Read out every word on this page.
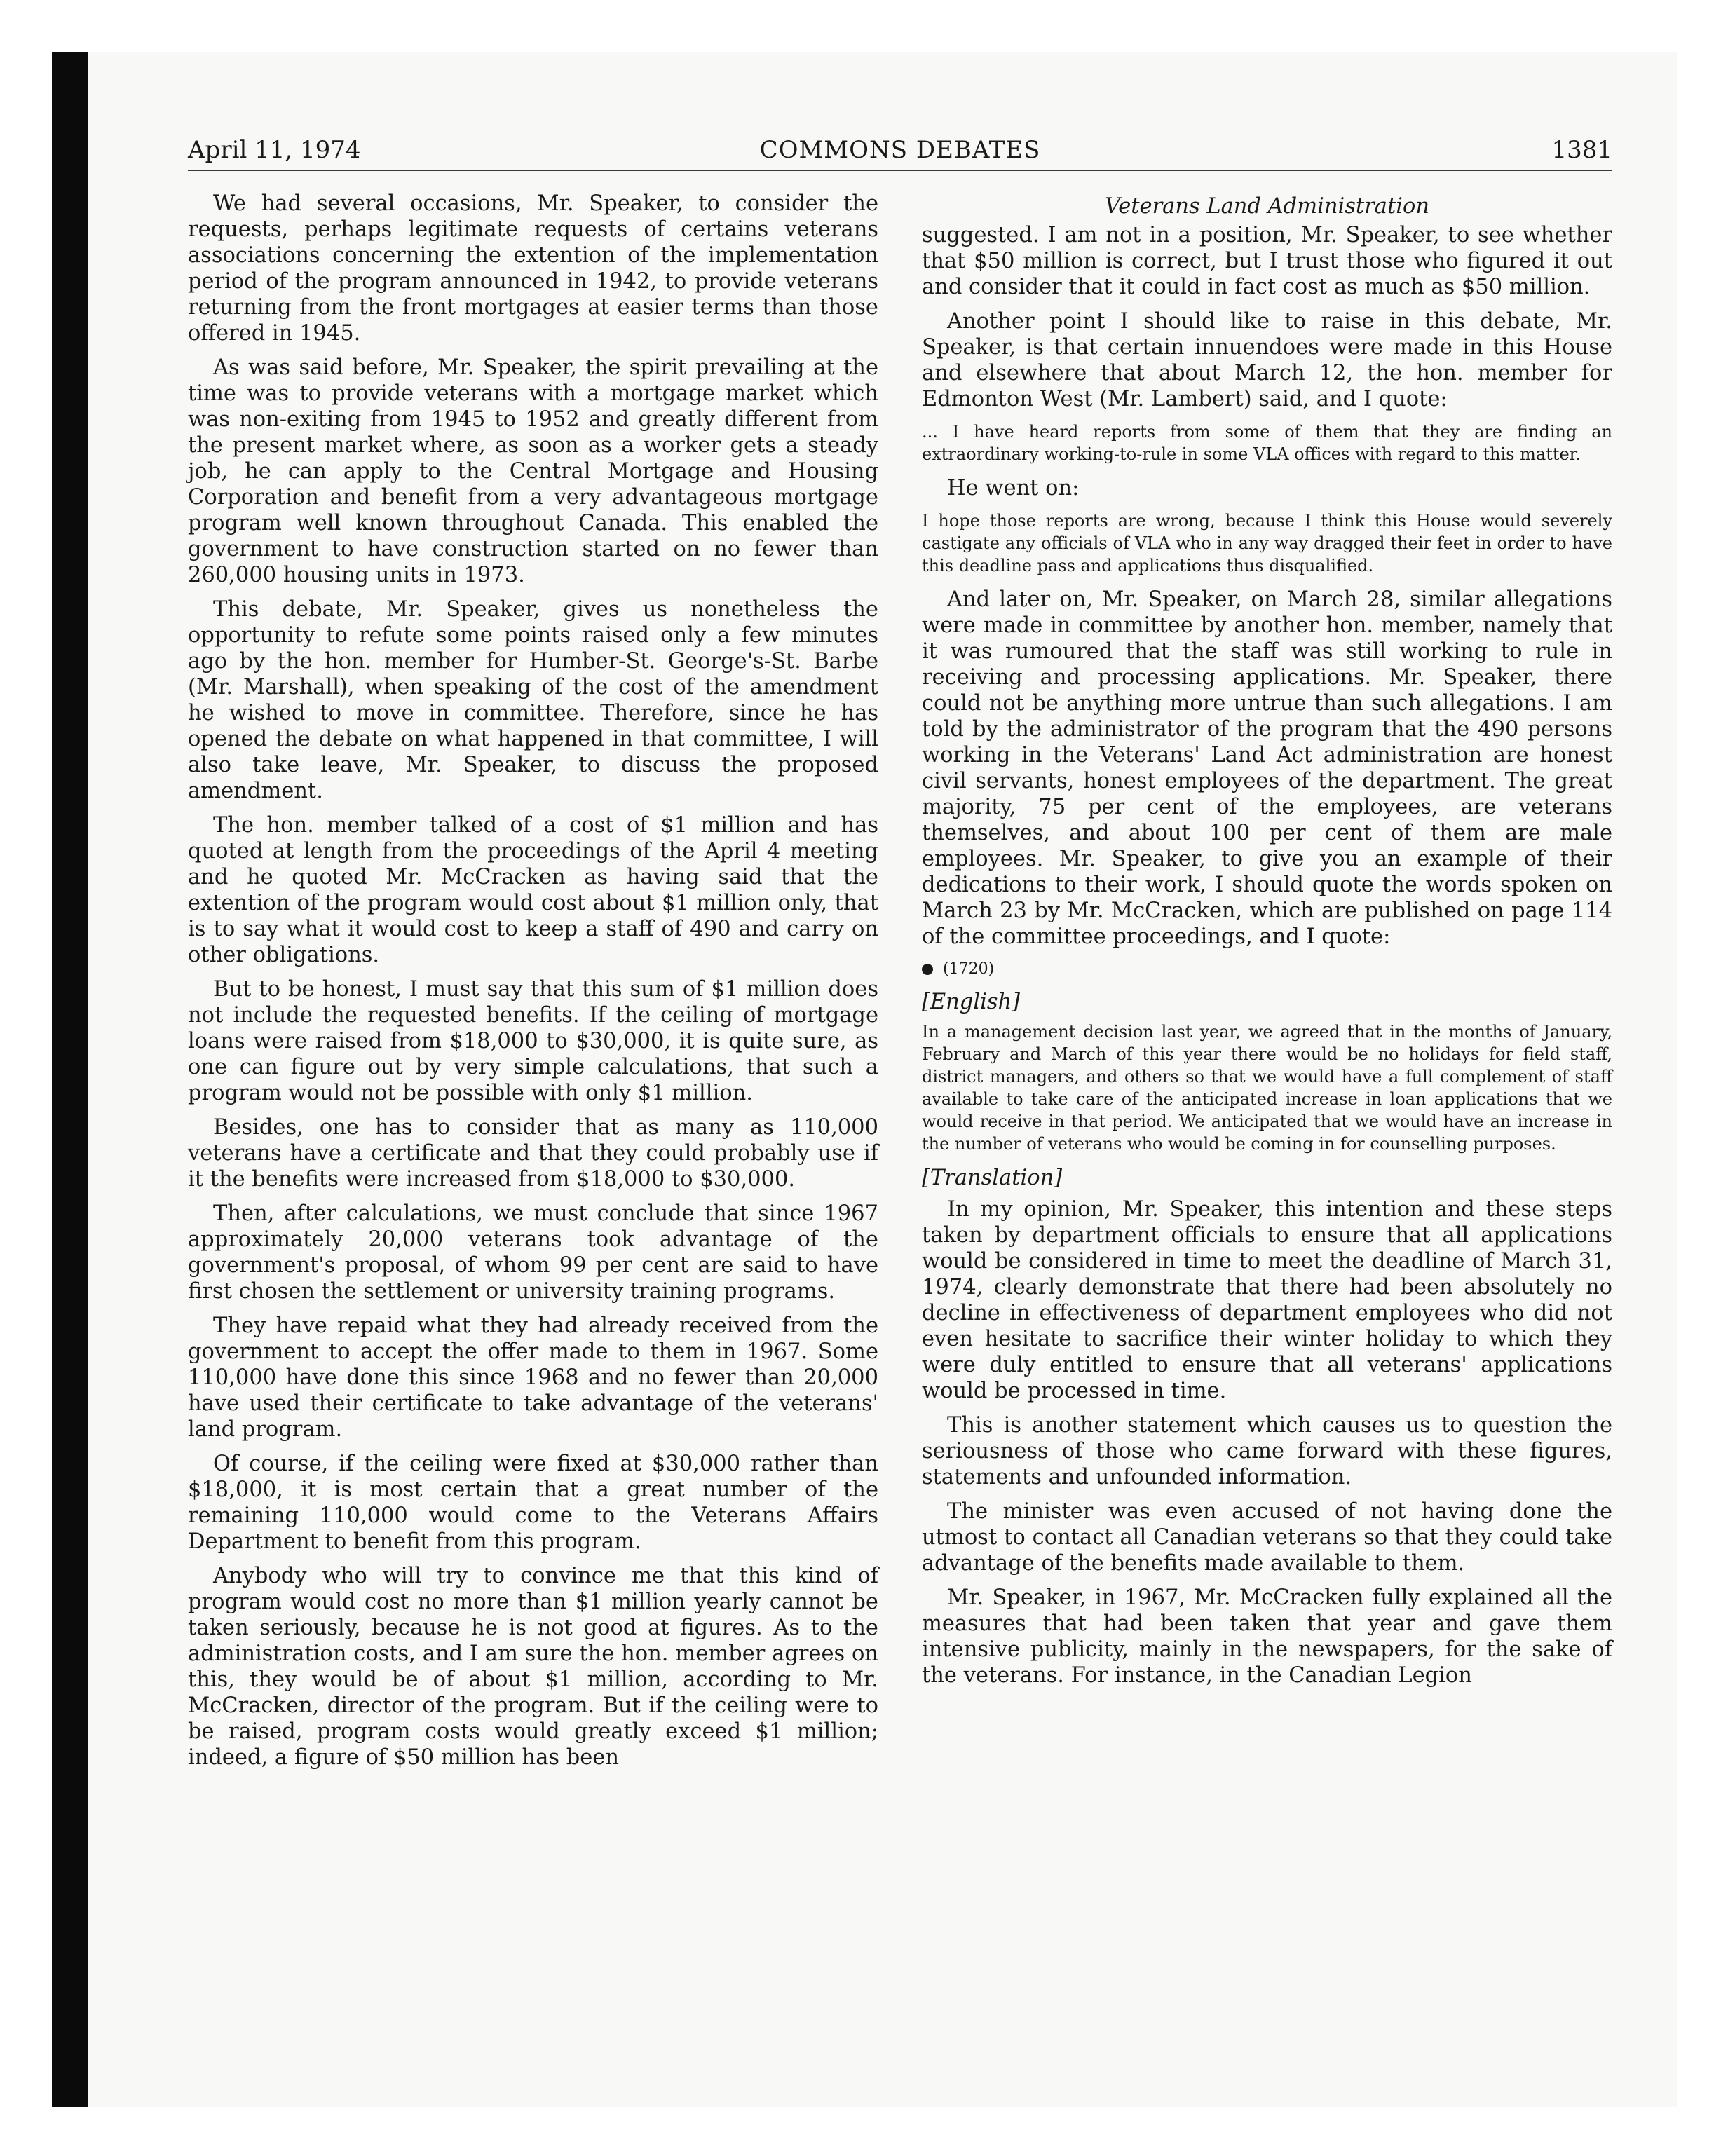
April 11, 1974	COMMONS DEBATES	1381

We had several occasions, Mr. Speaker, to consider the requests, perhaps legitimate requests of certains veterans associations concerning the extention of the implementation period of the program announced in 1942, to provide veterans returning from the front mortgages at easier terms than those offered in 1945.

As was said before, Mr. Speaker, the spirit prevailing at the time was to provide veterans with a mortgage market which was non-exiting from 1945 to 1952 and greatly different from the present market where, as soon as a worker gets a steady job, he can apply to the Central Mortgage and Housing Corporation and benefit from a very advantageous mortgage program well known throughout Canada. This enabled the government to have construction started on no fewer than 260,000 housing units in 1973.

This debate, Mr. Speaker, gives us nonetheless the opportunity to refute some points raised only a few minutes ago by the hon. member for Humber-St. George's-St. Barbe (Mr. Marshall), when speaking of the cost of the amendment he wished to move in committee. Therefore, since he has opened the debate on what happened in that committee, I will also take leave, Mr. Speaker, to discuss the proposed amendment.

The hon. member talked of a cost of $1 million and has quoted at length from the proceedings of the April 4 meeting and he quoted Mr. McCracken as having said that the extention of the program would cost about $1 million only, that is to say what it would cost to keep a staff of 490 and carry on other obligations.

But to be honest, I must say that this sum of $1 million does not include the requested benefits. If the ceiling of mortgage loans were raised from $18,000 to $30,000, it is quite sure, as one can figure out by very simple calculations, that such a program would not be possible with only $1 million.

Besides, one has to consider that as many as 110,000 veterans have a certificate and that they could probably use if it the benefits were increased from $18,000 to $30,000.

Then, after calculations, we must conclude that since 1967 approximately 20,000 veterans took advantage of the government's proposal, of whom 99 per cent are said to have first chosen the settlement or university training programs.

They have repaid what they had already received from the government to accept the offer made to them in 1967. Some 110,000 have done this since 1968 and no fewer than 20,000 have used their certificate to take advantage of the veterans' land program.

Of course, if the ceiling were fixed at $30,000 rather than $18,000, it is most certain that a great number of the remaining 110,000 would come to the Veterans Affairs Department to benefit from this program.

Anybody who will try to convince me that this kind of program would cost no more than $1 million yearly cannot be taken seriously, because he is not good at figures. As to the administration costs, and I am sure the hon. member agrees on this, they would be of about $1 million, according to Mr. McCracken, director of the program. But if the ceiling were to be raised, program costs would greatly exceed $1 million; indeed, a figure of $50 million has been

Veterans Land Administration

suggested. I am not in a position, Mr. Speaker, to see whether that $50 million is correct, but I trust those who figured it out and consider that it could in fact cost as much as $50 million.

Another point I should like to raise in this debate, Mr. Speaker, is that certain innuendoes were made in this House and elsewhere that about March 12, the hon. member for Edmonton West (Mr. Lambert) said, and I quote:

... I have heard reports from some of them that they are finding an extraordinary working-to-rule in some VLA offices with regard to this matter.

He went on:

I hope those reports are wrong, because I think this House would severely castigate any officials of VLA who in any way dragged their feet in order to have this deadline pass and applications thus disqualified.

And later on, Mr. Speaker, on March 28, similar allegations were made in committee by another hon. member, namely that it was rumoured that the staff was still working to rule in receiving and processing applications. Mr. Speaker, there could not be anything more untrue than such allegations. I am told by the administrator of the program that the 490 persons working in the Veterans' Land Act administration are honest civil servants, honest employees of the department. The great majority, 75 per cent of the employees, are veterans themselves, and about 100 per cent of them are male employees. Mr. Speaker, to give you an example of their dedications to their work, I should quote the words spoken on March 23 by Mr. McCracken, which are published on page 114 of the committee proceedings, and I quote:

(1720)

[English]

In a management decision last year, we agreed that in the months of January, February and March of this year there would be no holidays for field staff, district managers, and others so that we would have a full complement of staff available to take care of the anticipated increase in loan applications that we would receive in that period. We anticipated that we would have an increase in the number of veterans who would be coming in for counselling purposes.

[Translation]

In my opinion, Mr. Speaker, this intention and these steps taken by department officials to ensure that all applications would be considered in time to meet the deadline of March 31, 1974, clearly demonstrate that there had been absolutely no decline in effectiveness of department employees who did not even hesitate to sacrifice their winter holiday to which they were duly entitled to ensure that all veterans' applications would be processed in time.

This is another statement which causes us to question the seriousness of those who came forward with these figures, statements and unfounded information.

The minister was even accused of not having done the utmost to contact all Canadian veterans so that they could take advantage of the benefits made available to them.

Mr. Speaker, in 1967, Mr. McCracken fully explained all the measures that had been taken that year and gave them intensive publicity, mainly in the newspapers, for the sake of the veterans. For instance, in the Canadian Legion
